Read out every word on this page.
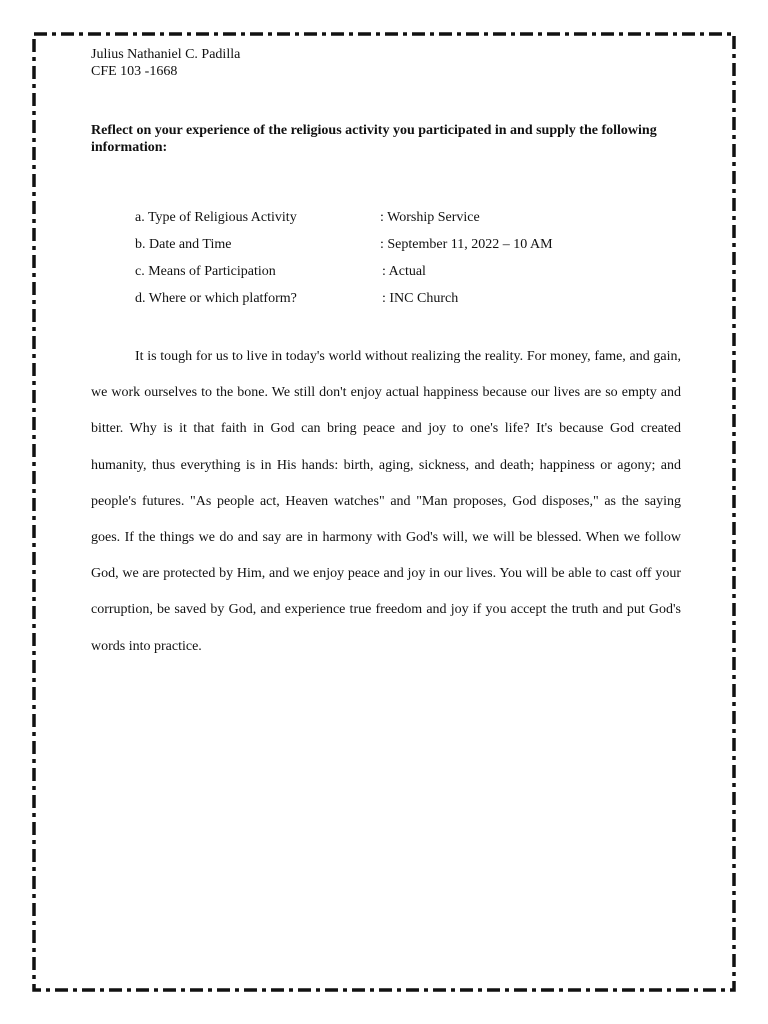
Julius Nathaniel C. Padilla

CFE 103 -1668

Reflect on your experience of the religious activity you participated in and supply the following information:

a. Type of Religious Activity	: Worship Service
b. Date and Time	: September 11, 2022 – 10 AM
c. Means of Participation	: Actual
d. Where or which platform?	: INC Church

It is tough for us to live in today's world without realizing the reality. For money, fame, and gain, we work ourselves to the bone. We still don't enjoy actual happiness because our lives are so empty and bitter. Why is it that faith in God can bring peace and joy to one's life? It's because God created humanity, thus everything is in His hands: birth, aging, sickness, and death; happiness or agony; and people's futures. "As people act, Heaven watches" and "Man proposes, God disposes," as the saying goes. If the things we do and say are in harmony with God's will, we will be blessed. When we follow God, we are protected by Him, and we enjoy peace and joy in our lives. You will be able to cast off your corruption, be saved by God, and experience true freedom and joy if you accept the truth and put God's words into practice.
